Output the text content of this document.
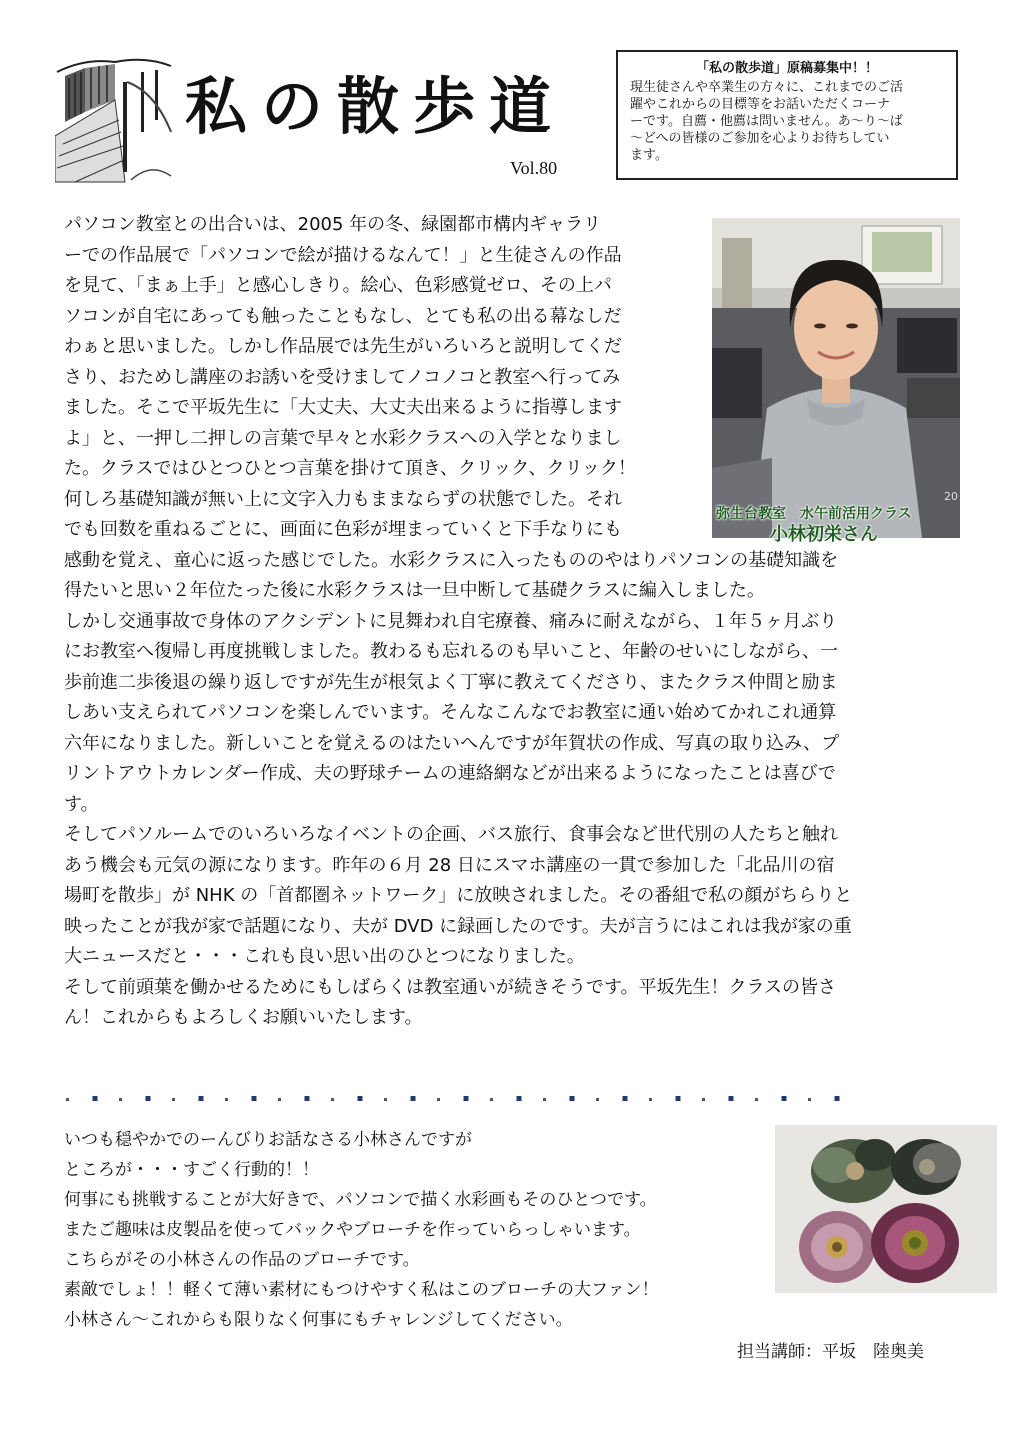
私の散歩道
Vol.80
「私の散歩道」原稿募集中！！
現生徒さんや卒業生の方々に、これまでのご活
躍やこれからの目標等をお話いただくコーナ
ーです。自薦・他薦は問いません。あ～り～ば
～どへの皆様のご参加を心よりお待ちしてい
ます。
20
弥生台教室　水午前活用クラス
小林初栄さん
パソコン教室との出合いは、2005 年の冬、緑園都市構内ギャラリ
ーでの作品展で「パソコンで絵が描けるなんて！」と生徒さんの作品
を見て、「まぁ上手」と感心しきり。絵心、色彩感覚ゼロ、その上パ
ソコンが自宅にあっても触ったこともなし、とても私の出る幕なしだ
わぁと思いました。しかし作品展では先生がいろいろと説明してくだ
さり、おためし講座のお誘いを受けましてノコノコと教室へ行ってみ
ました。そこで平坂先生に「大丈夫、大丈夫出来るように指導します
よ」と、一押し二押しの言葉で早々と水彩クラスへの入学となりまし
た。クラスではひとつひとつ言葉を掛けて頂き、クリック、クリック！
何しろ基礎知識が無い上に文字入力もままならずの状態でした。それ
でも回数を重ねるごとに、画面に色彩が埋まっていくと下手なりにも
感動を覚え、童心に返った感じでした。水彩クラスに入ったもののやはりパソコンの基礎知識を
得たいと思い２年位たった後に水彩クラスは一旦中断して基礎クラスに編入しました。
しかし交通事故で身体のアクシデントに見舞われ自宅療養、痛みに耐えながら、１年５ヶ月ぶり
にお教室へ復帰し再度挑戦しました。教わるも忘れるのも早いこと、年齢のせいにしながら、一
歩前進二歩後退の繰り返しですが先生が根気よく丁寧に教えてくださり、またクラス仲間と励ま
しあい支えられてパソコンを楽しんでいます。そんなこんなでお教室に通い始めてかれこれ通算
六年になりました。新しいことを覚えるのはたいへんですが年賀状の作成、写真の取り込み、プ
リントアウトカレンダー作成、夫の野球チームの連絡網などが出来るようになったことは喜びで
す。
そしてパソルームでのいろいろなイベントの企画、バス旅行、食事会など世代別の人たちと触れ
あう機会も元気の源になります。昨年の６月 28 日にスマホ講座の一貫で参加した「北品川の宿
場町を散歩」が NHK の「首都圏ネットワーク」に放映されました。その番組で私の顔がちらりと
映ったことが我が家で話題になり、夫が DVD に録画したのです。夫が言うにはこれは我が家の重
大ニュースだと・・・これも良い思い出のひとつになりました。
そして前頭葉を働かせるためにもしばらくは教室通いが続きそうです。平坂先生！クラスの皆さ
ん！これからもよろしくお願いいたします。
いつも穏やかでのーんびりお話なさる小林さんですが
ところが・・・すごく行動的！！
何事にも挑戦することが大好きで、パソコンで描く水彩画もそのひとつです。
またご趣味は皮製品を使ってバックやブローチを作っていらっしゃいます。
こちらがその小林さんの作品のブローチです。
素敵でしょ！！軽くて薄い素材にもつけやすく私はこのブローチの大ファン！
小林さん～これからも限りなく何事にもチャレンジしてください。
担当講師：平坂　陸奥美
